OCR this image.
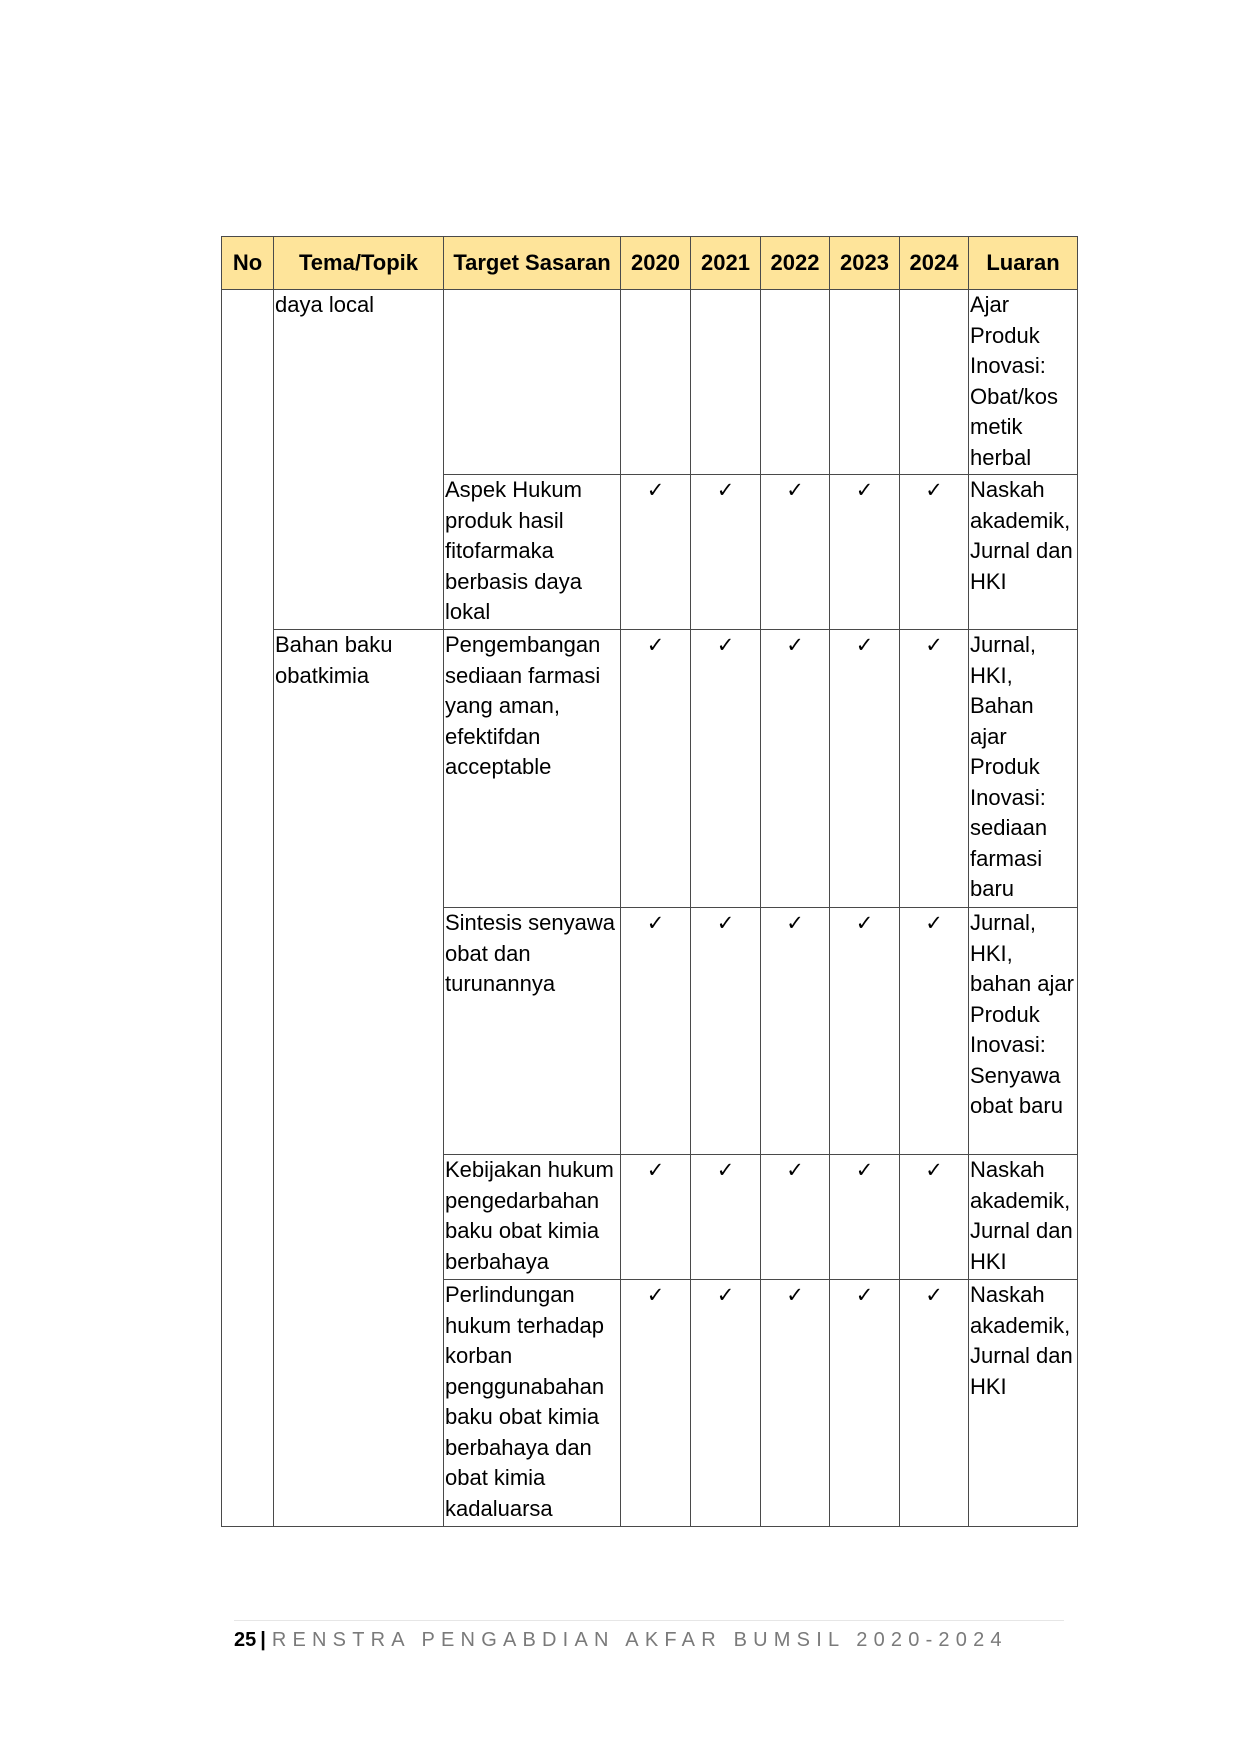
No	Tema/Topik	Target Sasaran	2020	2021	2022	2023	2024	Luaran
	daya local							Ajar Produk Inovasi: Obat/kos metik herbal
		Aspek Hukum produk hasil fitofarmaka berbasis daya lokal	✓	✓	✓	✓	✓	Naskah akademik, Jurnal dan HKI
	Bahan baku obatkimia	Pengembangan sediaan farmasi yang aman, efektifdan acceptable	✓	✓	✓	✓	✓	Jurnal, HKI, Bahan ajar Produk Inovasi: sediaan farmasi baru
		Sintesis senyawa obat dan turunannya	✓	✓	✓	✓	✓	Jurnal, HKI, bahan ajar Produk Inovasi: Senyawa obat baru
		Kebijakan hukum pengedarbahan baku obat kimia berbahaya	✓	✓	✓	✓	✓	Naskah akademik, Jurnal dan HKI
		Perlindungan hukum terhadap korban penggunabahan baku obat kimia berbahaya dan obat kimia kadaluarsa	✓	✓	✓	✓	✓	Naskah akademik, Jurnal dan HKI
25 | RENSTRA PENGABDIAN AKFAR BUMSIL 2020-2024
